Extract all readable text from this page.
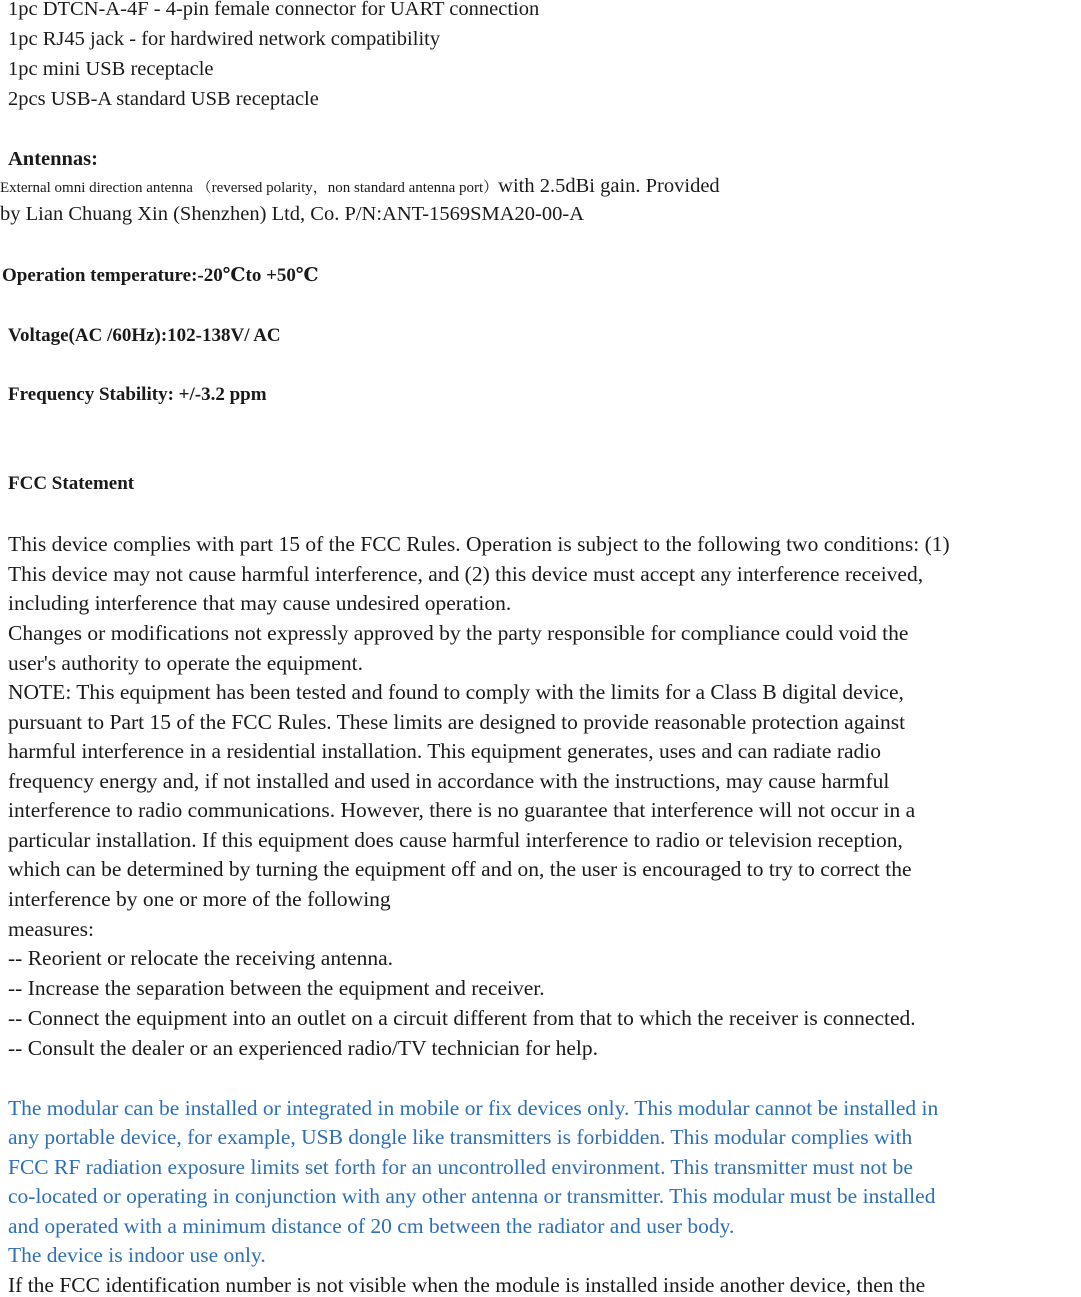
1pc DTCN-A-4F - 4-pin female connector for UART connection
1pc RJ45 jack - for hardwired network compatibility
1pc mini USB receptacle
2pcs USB-A standard USB receptacle
Antennas:
External omni direction antenna （reversed polarity，non standard antenna port）with 2.5dBi gain. Provided
by Lian Chuang Xin (Shenzhen) Ltd, Co. P/N:ANT-1569SMA20-00-A
Operation temperature:-20℃to +50℃
Voltage(AC /60Hz):102-138V/ AC
Frequency Stability: +/-3.2 ppm
FCC Statement
This device complies with part 15 of the FCC Rules. Operation is subject to the following two conditions: (1)
This device may not cause harmful interference, and (2) this device must accept any interference received,
including interference that may cause undesired operation.
Changes or modifications not expressly approved by the party responsible for compliance could void the
user's authority to operate the equipment.
NOTE: This equipment has been tested and found to comply with the limits for a Class B digital device,
pursuant to Part 15 of the FCC Rules. These limits are designed to provide reasonable protection against
harmful interference in a residential installation. This equipment generates, uses and can radiate radio
frequency energy and, if not installed and used in accordance with the instructions, may cause harmful
interference to radio communications. However, there is no guarantee that interference will not occur in a
particular installation. If this equipment does cause harmful interference to radio or television reception,
which can be determined by turning the equipment off and on, the user is encouraged to try to correct the
interference by one or more of the following
measures:
-- Reorient or relocate the receiving antenna.
-- Increase the separation between the equipment and receiver.
-- Connect the equipment into an outlet on a circuit different from that to which the receiver is connected.
-- Consult the dealer or an experienced radio/TV technician for help.
The modular can be installed or integrated in mobile or fix devices only. This modular cannot be installed in
any portable device, for example, USB dongle like transmitters is forbidden. This modular complies with
FCC RF radiation exposure limits set forth for an uncontrolled environment. This transmitter must not be
co-located or operating in conjunction with any other antenna or transmitter. This modular must be installed
and operated with a minimum distance of 20 cm between the radiator and user body.
The device is indoor use only.
If the FCC identification number is not visible when the module is installed inside another device, then the
